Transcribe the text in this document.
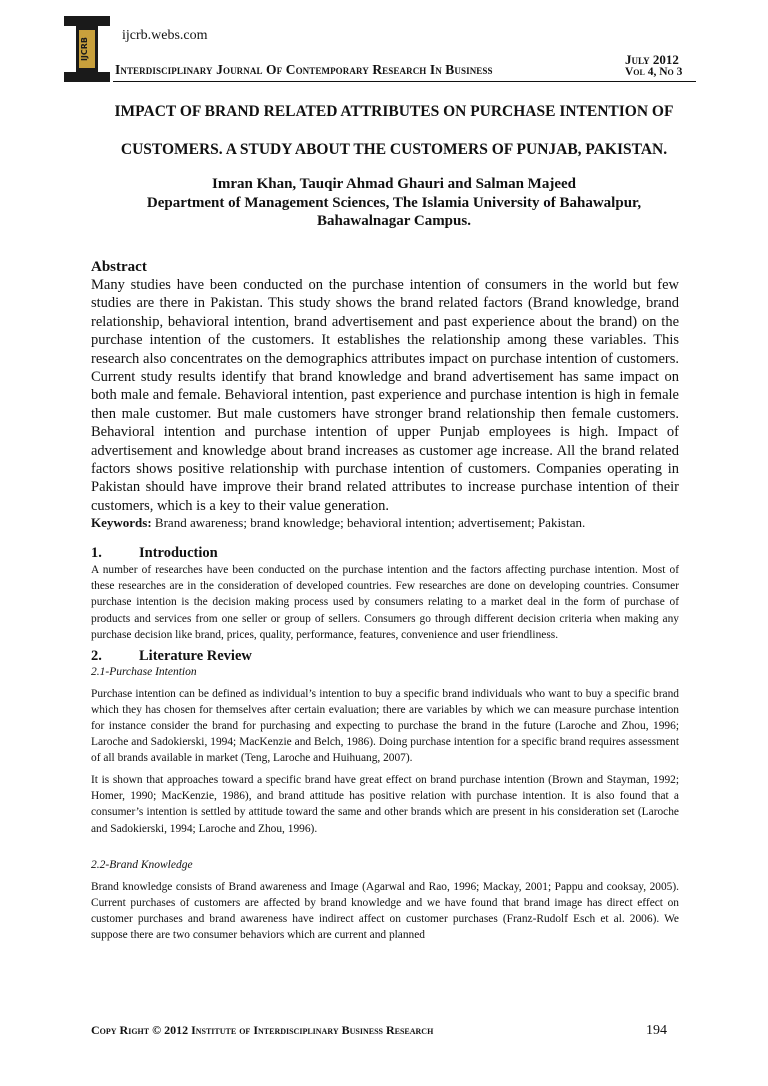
IJCRB
ijcrb.webs.com
Interdisciplinary Journal Of Contemporary Research In Business
July 2012
Vol 4, No 3
IMPACT OF BRAND RELATED ATTRIBUTES ON PURCHASE INTENTION OF
CUSTOMERS. A STUDY ABOUT THE CUSTOMERS OF PUNJAB, PAKISTAN.
Imran Khan, Tauqir Ahmad Ghauri and Salman Majeed
Department of Management Sciences, The Islamia University of Bahawalpur,
Bahawalnagar Campus.
Abstract

Many studies have been conducted on the purchase intention of consumers in the world but few studies are there in Pakistan. This study shows the brand related factors (Brand knowledge, brand relationship, behavioral intention, brand advertisement and past experience about the brand) on the purchase intention of the customers. It establishes the relationship among these variables. This research also concentrates on the demographics attributes impact on purchase intention of customers. Current study results identify that brand knowledge and brand advertisement has same impact on both male and female. Behavioral intention, past experience and purchase intention is high in female then male customer. But male customers have stronger brand relationship then female customers. Behavioral intention and purchase intention of upper Punjab employees is high. Impact of advertisement and knowledge about brand increases as customer age increase. All the brand related factors shows positive relationship with purchase intention of customers. Companies operating in Pakistan should have improve their brand related attributes to increase purchase intention of their customers, which is a key to their value generation.

Keywords: Brand awareness; brand knowledge; behavioral intention; advertisement; Pakistan.

1.	Introduction

A number of researches have been conducted on the purchase intention and the factors affecting purchase intention. Most of these researches are in the consideration of developed countries. Few researches are done on developing countries. Consumer purchase intention is the decision making process used by consumers relating to a market deal in the form of purchase of products and services from one seller or group of sellers. Consumers go through different decision criteria when making any purchase decision like brand, prices, quality, performance, features, convenience and user friendliness.

2.	Literature Review
2.1-Purchase Intention

Purchase intention can be defined as individual’s intention to buy a specific brand individuals who want to buy a specific brand which they has chosen for themselves after certain evaluation; there are variables by which we can measure purchase intention for instance consider the brand for purchasing and expecting to purchase the brand in the future (Laroche and Zhou, 1996; Laroche and Sadokierski, 1994; MacKenzie and Belch, 1986). Doing purchase intention for a specific brand requires assessment of all brands available in market (Teng, Laroche and Huihuang, 2007).

It is shown that approaches toward a specific brand have great effect on brand purchase intention (Brown and Stayman, 1992; Homer, 1990; MacKenzie, 1986), and brand attitude has positive relation with purchase intention. It is also found that a consumer’s intention is settled by attitude toward the same and other brands which are present in his consideration set (Laroche and Sadokierski, 1994; Laroche and Zhou, 1996).

2.2-Brand Knowledge

Brand knowledge consists of Brand awareness and Image (Agarwal and Rao, 1996; Mackay, 2001; Pappu and cooksay, 2005). Current purchases of customers are affected by brand knowledge and we have found that brand image has direct effect on customer purchases and brand awareness have indirect affect on customer purchases (Franz-Rudolf Esch et al. 2006). We suppose there are two consumer behaviors which are current and planned

Copy Right © 2012 Institute of Interdisciplinary Business Research	194
